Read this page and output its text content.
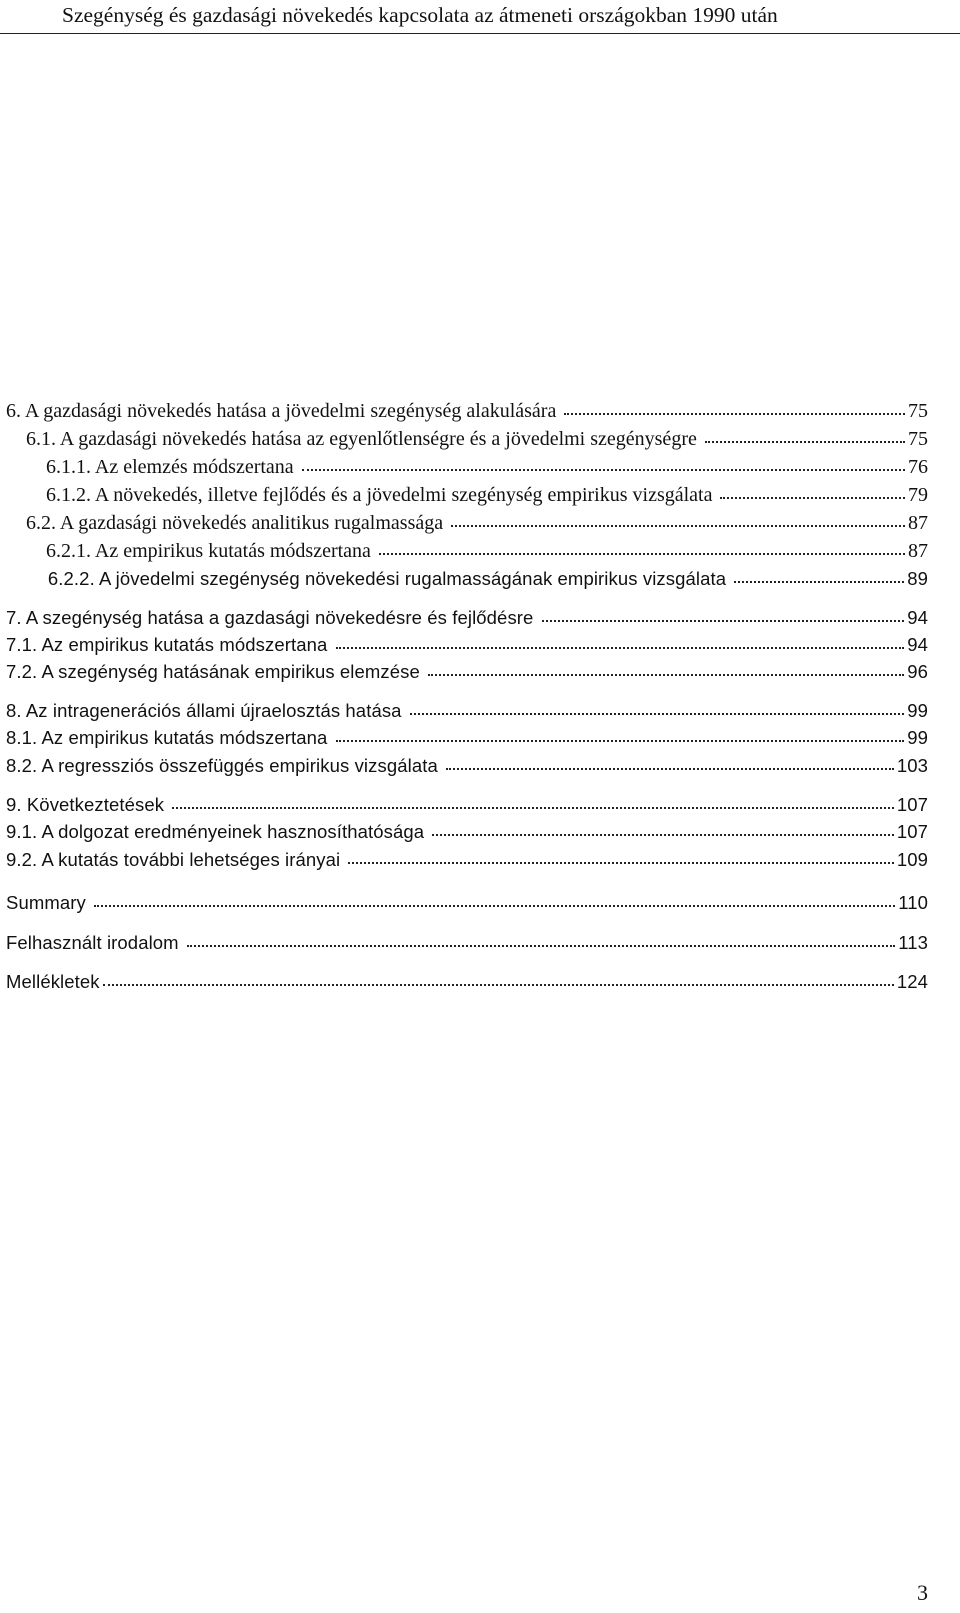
Szegénység és gazdasági növekedés kapcsolata az átmeneti országokban 1990 után
6. A gazdasági növekedés hatása a jövedelmi szegénység alakulására	75
6.1. A gazdasági növekedés hatása az egyenlőtlenségre és a jövedelmi szegénységre	75
6.1.1. Az elemzés módszertana	76
6.1.2. A növekedés, illetve fejlődés és a jövedelmi szegénység empirikus vizsgálata	79
6.2. A gazdasági növekedés analitikus rugalmassága	87
6.2.1. Az empirikus kutatás módszertana	87
6.2.2. A jövedelmi szegénység növekedési rugalmasságának empirikus vizsgálata	89
7. A szegénység hatása a gazdasági növekedésre és fejlődésre	94
7.1. Az empirikus kutatás módszertana	94
7.2. A szegénység hatásának empirikus elemzése	96
8. Az intragenerációs állami újraelosztás hatása	99
8.1. Az empirikus kutatás módszertana	99
8.2. A regressziós összefüggés empirikus vizsgálata	103
9. Következtetések	107
9.1. A dolgozat eredményeinek hasznosíthatósága	107
9.2. A kutatás további lehetséges irányai	109
Summary	110
Felhasznált irodalom	113
Mellékletek	124
3
